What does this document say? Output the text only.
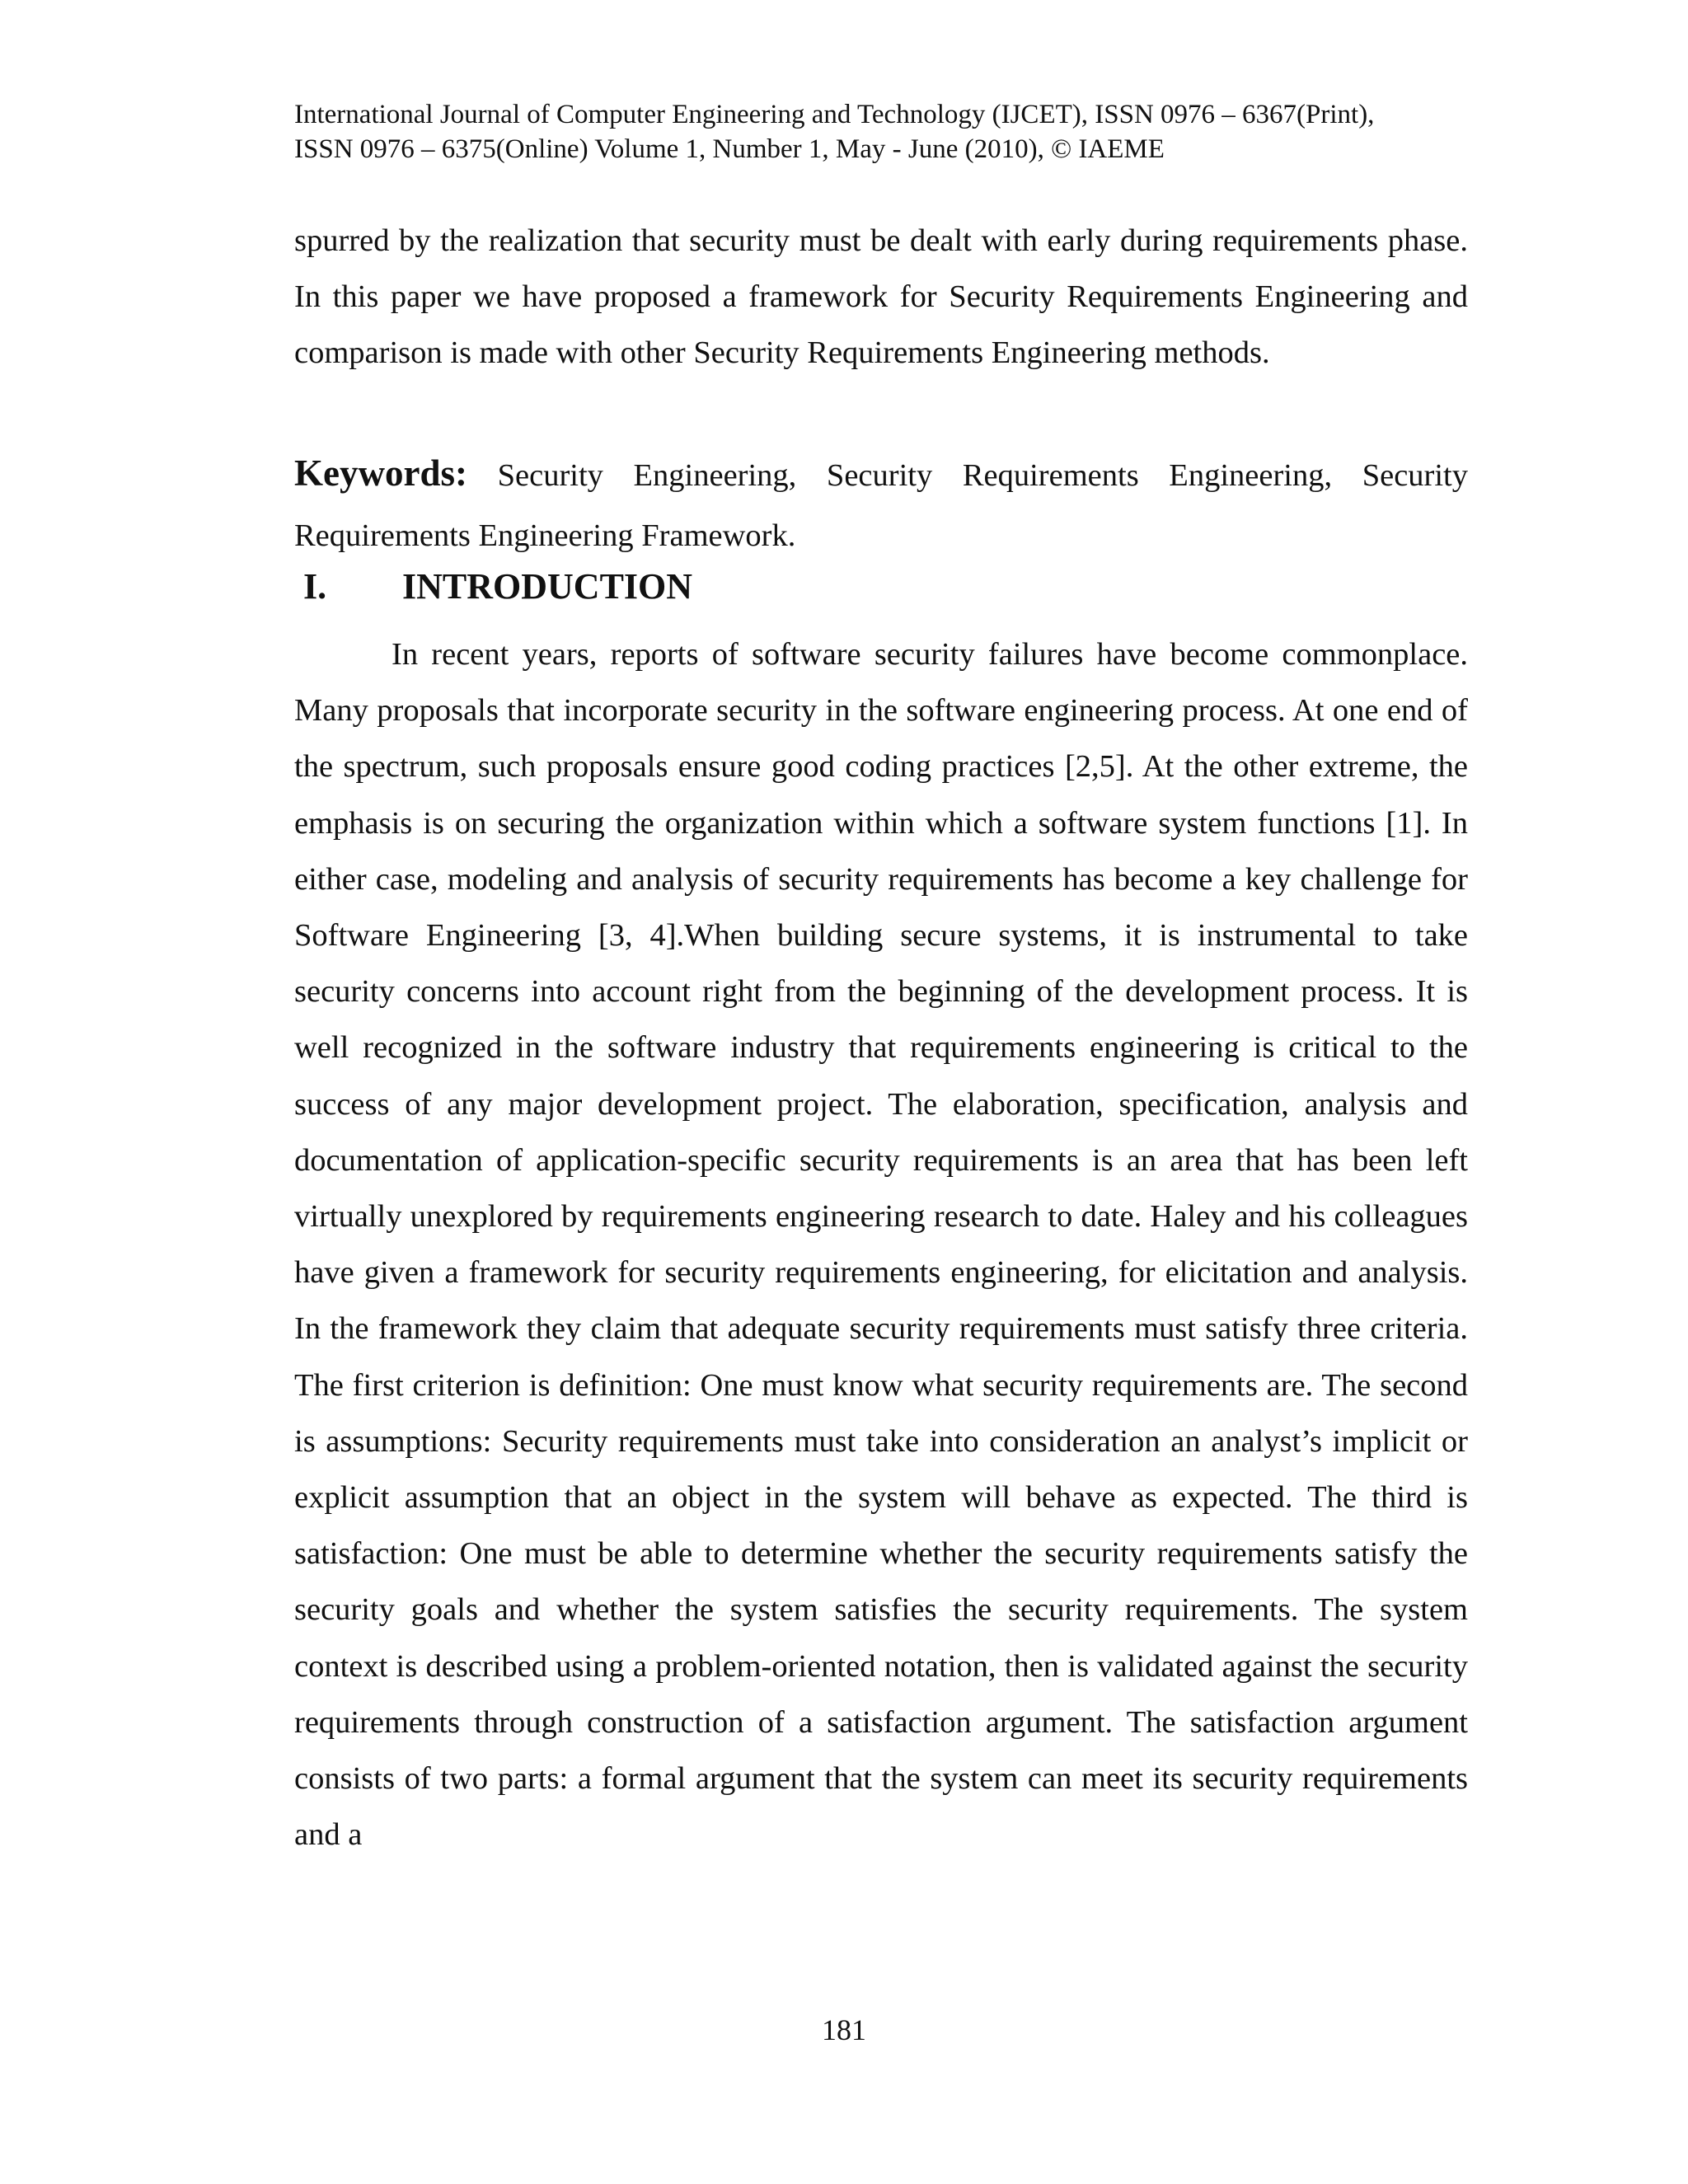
International Journal of Computer Engineering and Technology (IJCET), ISSN 0976 – 6367(Print),
ISSN 0976 – 6375(Online) Volume 1, Number 1, May - June (2010), © IAEME
spurred by the realization that security must be dealt with early during requirements phase. In this paper we have proposed a framework for Security Requirements Engineering and comparison is made with other Security Requirements Engineering methods.
Keywords: Security Engineering, Security Requirements Engineering, Security Requirements Engineering Framework.
I. INTRODUCTION

In recent years, reports of software security failures have become commonplace. Many proposals that incorporate security in the software engineering process. At one end of the spectrum, such proposals ensure good coding practices [2,5]. At the other extreme, the emphasis is on securing the organization within which a software system functions [1]. In either case, modeling and analysis of security requirements has become a key challenge for Software Engineering [3, 4].When building secure systems, it is instrumental to take security concerns into account right from the beginning of the development process. It is well recognized in the software industry that requirements engineering is critical to the success of any major development project. The elaboration, specification, analysis and documentation of application-specific security requirements is an area that has been left virtually unexplored by requirements engineering research to date. Haley and his colleagues have given a framework for security requirements engineering, for elicitation and analysis. In the framework they claim that adequate security requirements must satisfy three criteria. The first criterion is definition: One must know what security requirements are. The second is assumptions: Security requirements must take into consideration an analyst’s implicit or explicit assumption that an object in the system will behave as expected. The third is satisfaction: One must be able to determine whether the security requirements satisfy the security goals and whether the system satisfies the security requirements. The system context is described using a problem-oriented notation, then is validated against the security requirements through construction of a satisfaction argument. The satisfaction argument consists of two parts: a formal argument that the system can meet its security requirements and a

181
